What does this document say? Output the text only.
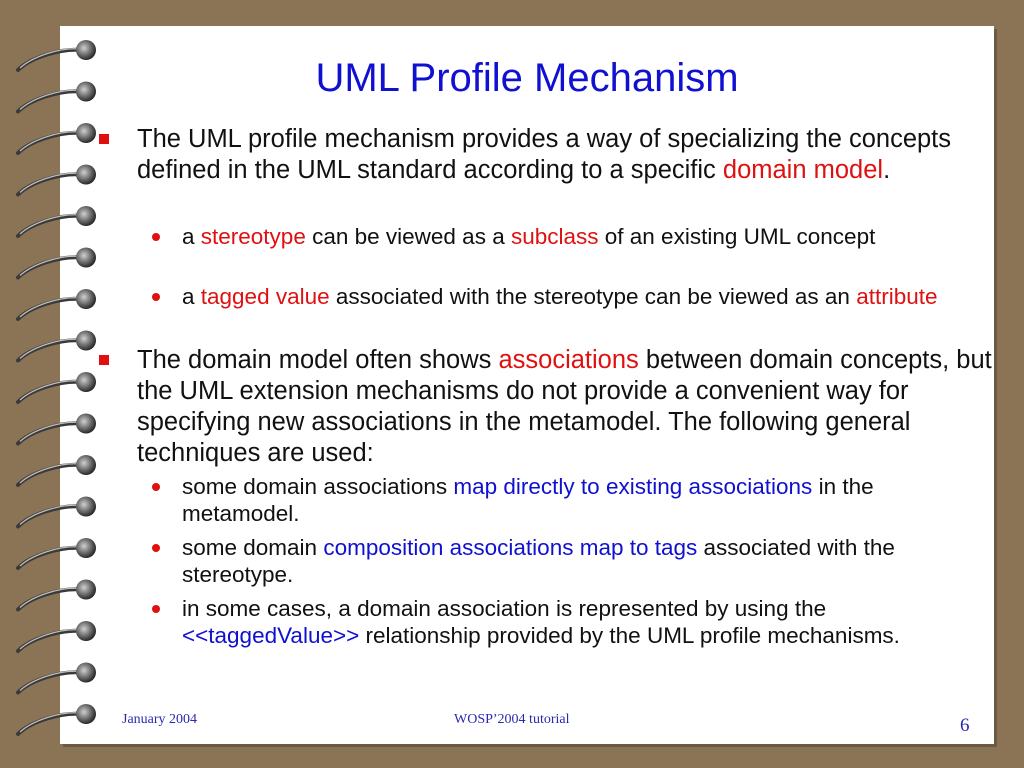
UML Profile Mechanism
The UML profile mechanism provides a way of specializing the concepts defined in the UML standard according to a specific domain model.
a stereotype can be viewed as a subclass of an existing UML concept
a tagged value associated with the stereotype can be viewed as an attribute
The domain model often shows associations between domain concepts, but the UML extension mechanisms do not provide a convenient way for specifying new associations in the metamodel. The following general techniques are used:
some domain associations map directly to existing associations in the metamodel.
some domain composition associations map to tags associated with the stereotype.
in some cases, a domain association is represented by using the <<taggedValue>> relationship provided by the UML profile mechanisms.
January 2004	WOSP’2004 tutorial	6
